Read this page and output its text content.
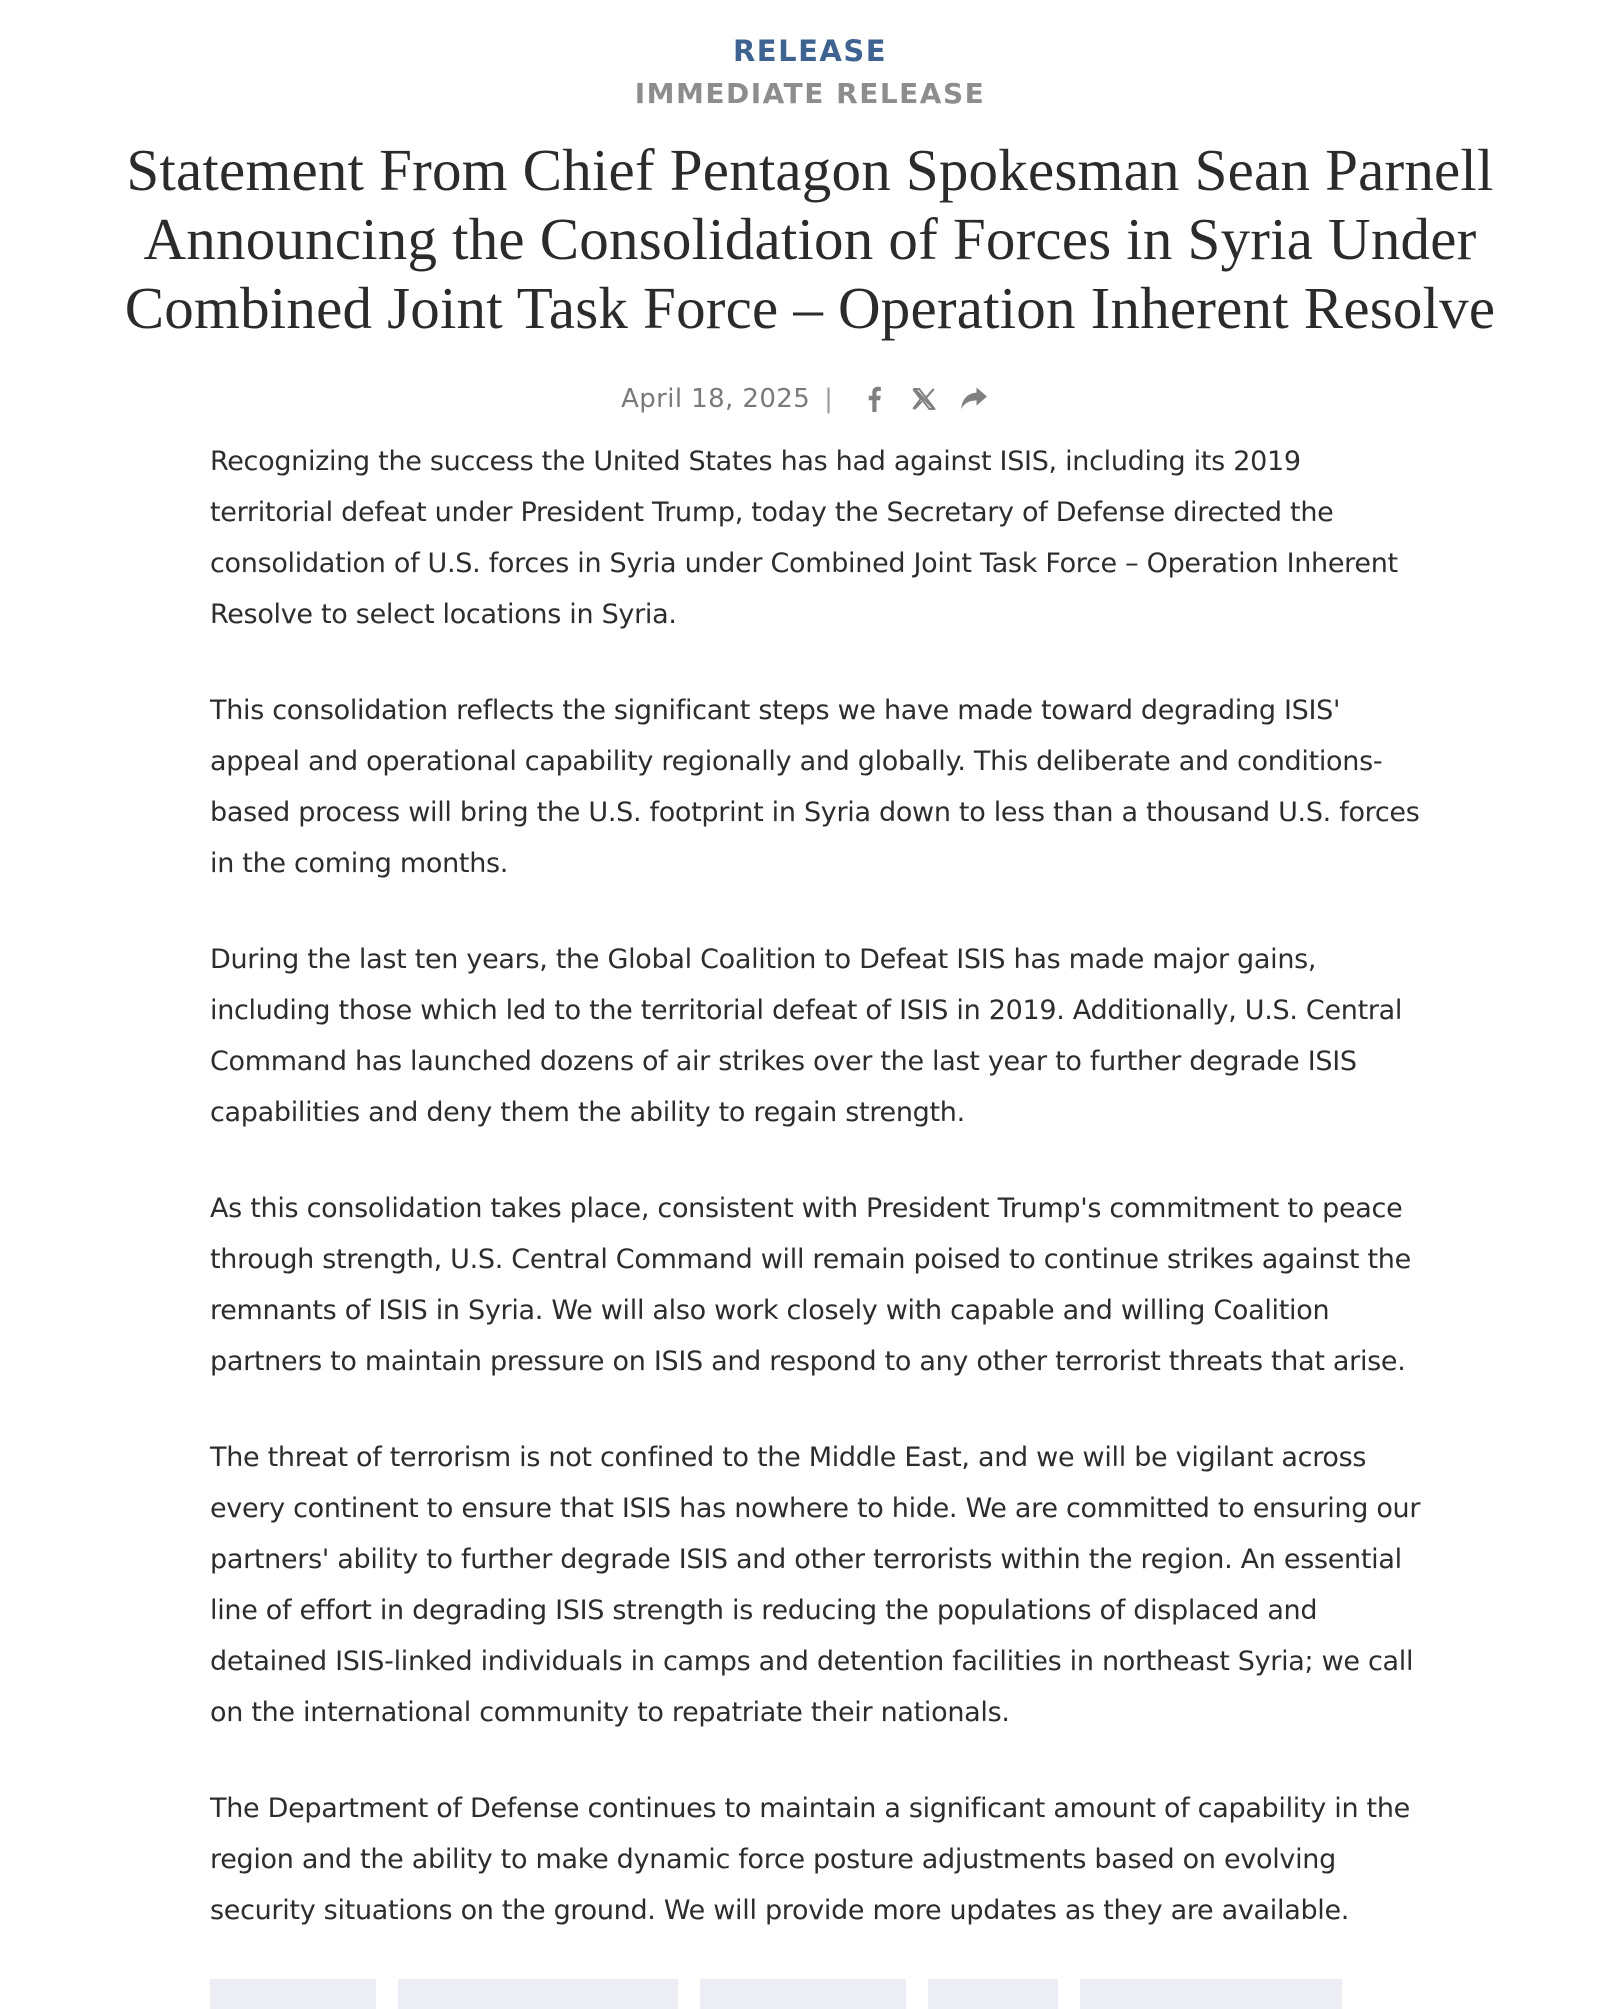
RELEASE
IMMEDIATE RELEASE
Statement From Chief Pentagon Spokesman Sean Parnell Announcing the Consolidation of Forces in Syria Under Combined Joint Task Force – Operation Inherent Resolve
April 18, 2025 |

Recognizing the success the United States has had against ISIS, including its 2019 territorial defeat under President Trump, today the Secretary of Defense directed the consolidation of U.S. forces in Syria under Combined Joint Task Force – Operation Inherent Resolve to select locations in Syria.

This consolidation reflects the significant steps we have made toward degrading ISIS' appeal and operational capability regionally and globally. This deliberate and conditions-based process will bring the U.S. footprint in Syria down to less than a thousand U.S. forces in the coming months.

During the last ten years, the Global Coalition to Defeat ISIS has made major gains, including those which led to the territorial defeat of ISIS in 2019. Additionally, U.S. Central Command has launched dozens of air strikes over the last year to further degrade ISIS capabilities and deny them the ability to regain strength.

As this consolidation takes place, consistent with President Trump's commitment to peace through strength, U.S. Central Command will remain poised to continue strikes against the remnants of ISIS in Syria. We will also work closely with capable and willing Coalition partners to maintain pressure on ISIS and respond to any other terrorist threats that arise.

The threat of terrorism is not confined to the Middle East, and we will be vigilant across every continent to ensure that ISIS has nowhere to hide. We are committed to ensuring our partners' ability to further degrade ISIS and other terrorists within the region. An essential line of effort in degrading ISIS strength is reducing the populations of displaced and detained ISIS-linked individuals in camps and detention facilities in northeast Syria; we call on the international community to repatriate their nationals.

The Department of Defense continues to maintain a significant amount of capability in the region and the ability to make dynamic force posture adjustments based on evolving security situations on the ground. We will provide more updates as they are available.
